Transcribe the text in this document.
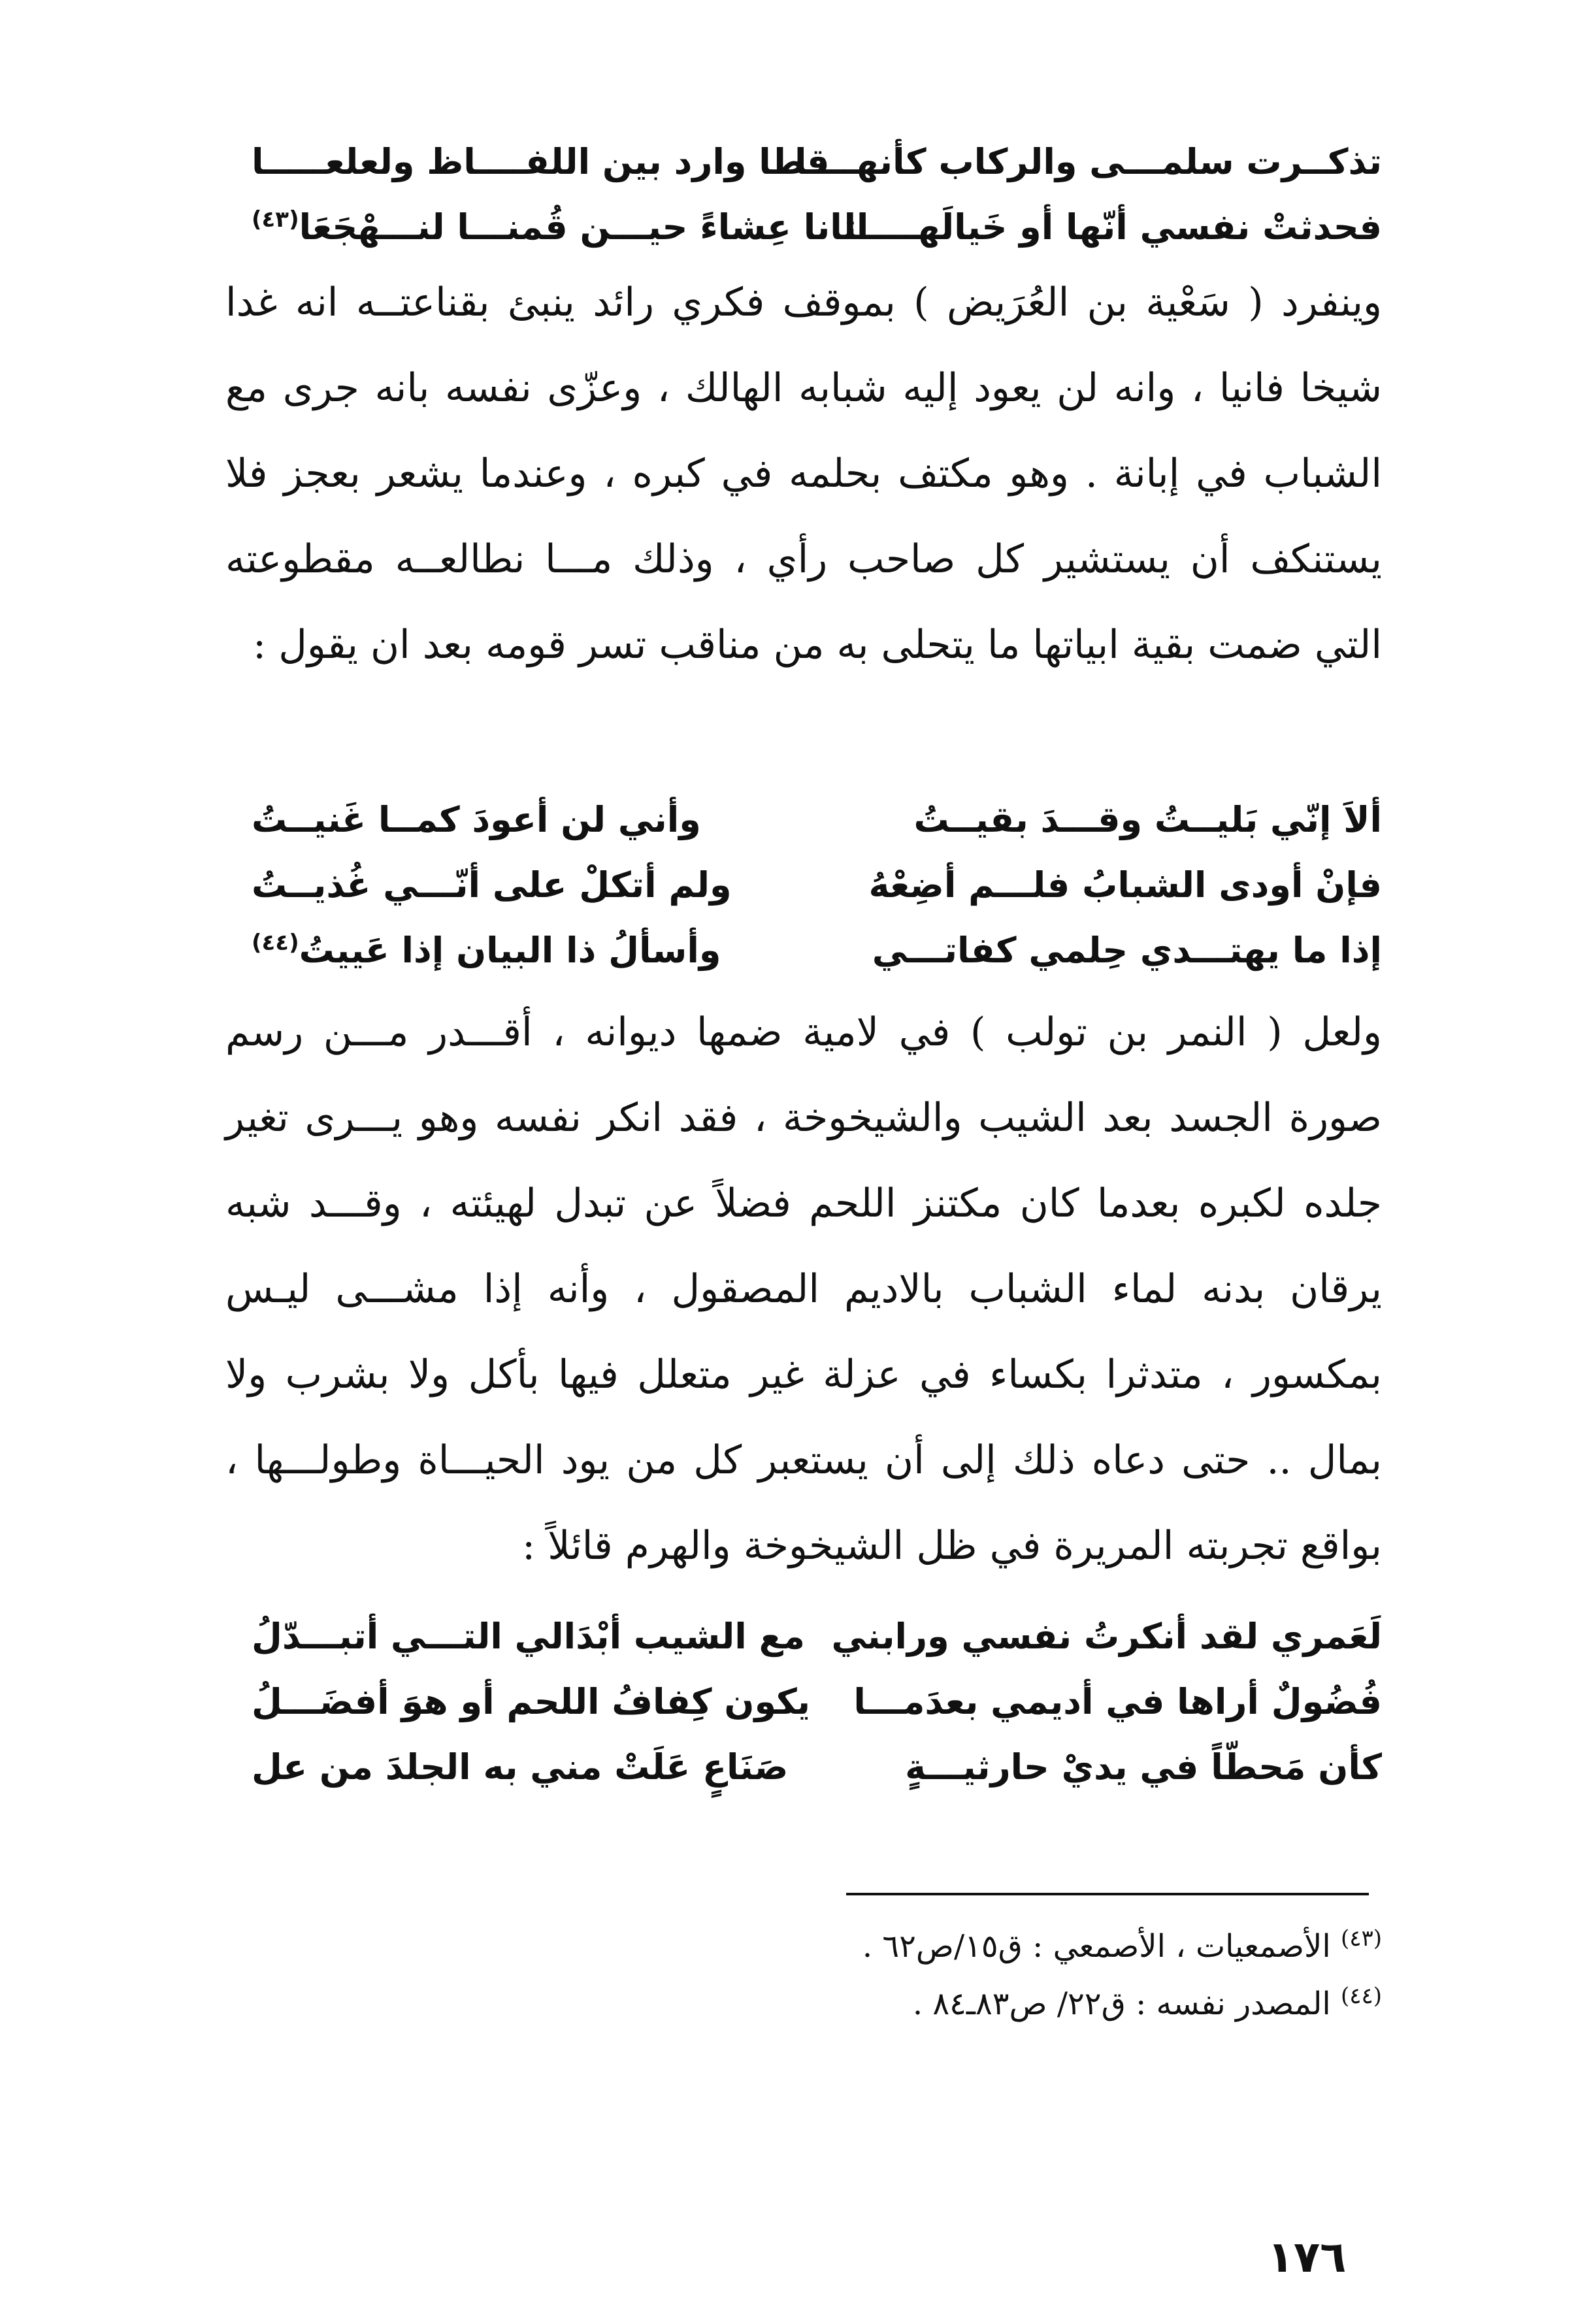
تذكــرت سلمـــى والركاب كأنهــــا
قطا وارد بين اللفــــاظ ولعلعـــــا
فحدثتْ نفسي أنّها أو خَيالَهـــــا
اتانا عِشاءً حيـــن قُمنـــا لنـــهْجَعَا$^{(٤٣)}$

وينفرد ( سَعْية بن العُرَيض ) بموقف فكري رائد ينبئ بقناعتــه انه غدا شيخا فانيا ، وانه لن يعود إليه شبابه الهالك ، وعزّى نفسه بانه جرى مع الشباب في إبانة . وهو مكتف بحلمه في كبره ، وعندما يشعر بعجز فلا يستنكف أن يستشير كل صاحب رأي ، وذلك مـــا نطالعــه مقطوعته التي ضمت بقية ابياتها ما يتحلى به من مناقب تسر قومه بعد ان يقول :

ألاَ إنّي بَليــتُ وقـــدَ بقيــتُ
وأني لن أعودَ كمــا غَنيــتُ
فإنْ أودى الشبابُ فلـــم أضِعْهُ
ولم أتكلْ على أنّـــي غُذيــتُ
إذا ما يهتـــدي حِلمي كفاتـــي
وأسألُ ذا البيان إذا عَييتُ$^{(٤٤)}$

ولعل ( النمر بن تولب ) في لامية ضمها ديوانه ، أقـــدر مـــن رسم صورة الجسد بعد الشيب والشيخوخة ، فقد انكر نفسه وهو يـــرى تغير جلده لكبره بعدما كان مكتنز اللحم فضلاً عن تبدل لهيئته ، وقـــد شبه يرقان بدنه لماء الشباب بالاديم المصقول ، وأنه إذا مشـــى ليـس بمكسور ، متدثرا بكساء في عزلة غير متعلل فيها بأكل ولا بشرب ولا بمال .. حتى دعاه ذلك إلى أن يستعبر كل من يود الحيـــاة وطولـــها ، بواقع تجربته المريرة في ظل الشيخوخة والهرم قائلاً :

لَعَمري لقد أنكرتُ نفسي ورابني
مع الشيب أبْدَالي التـــي أتبـــدّلُ
فُضُولٌ أراها في أديمي بعدَمـــا
يكون كِفافُ اللحم أو هوَ أفضَـــلُ
كأن مَحطّاً في يديْ حارثيـــةٍ
صَنَاعٍ عَلَتْ مني به الجلدَ من عل

$^{(٤٣)}$ الأصمعيات ، الأصمعي : ق١٥/ص٦٢ .

$^{(٤٤)}$ المصدر نفسه : ق٢٢/ ص٨٣ـ٨٤ .

١٧٦
